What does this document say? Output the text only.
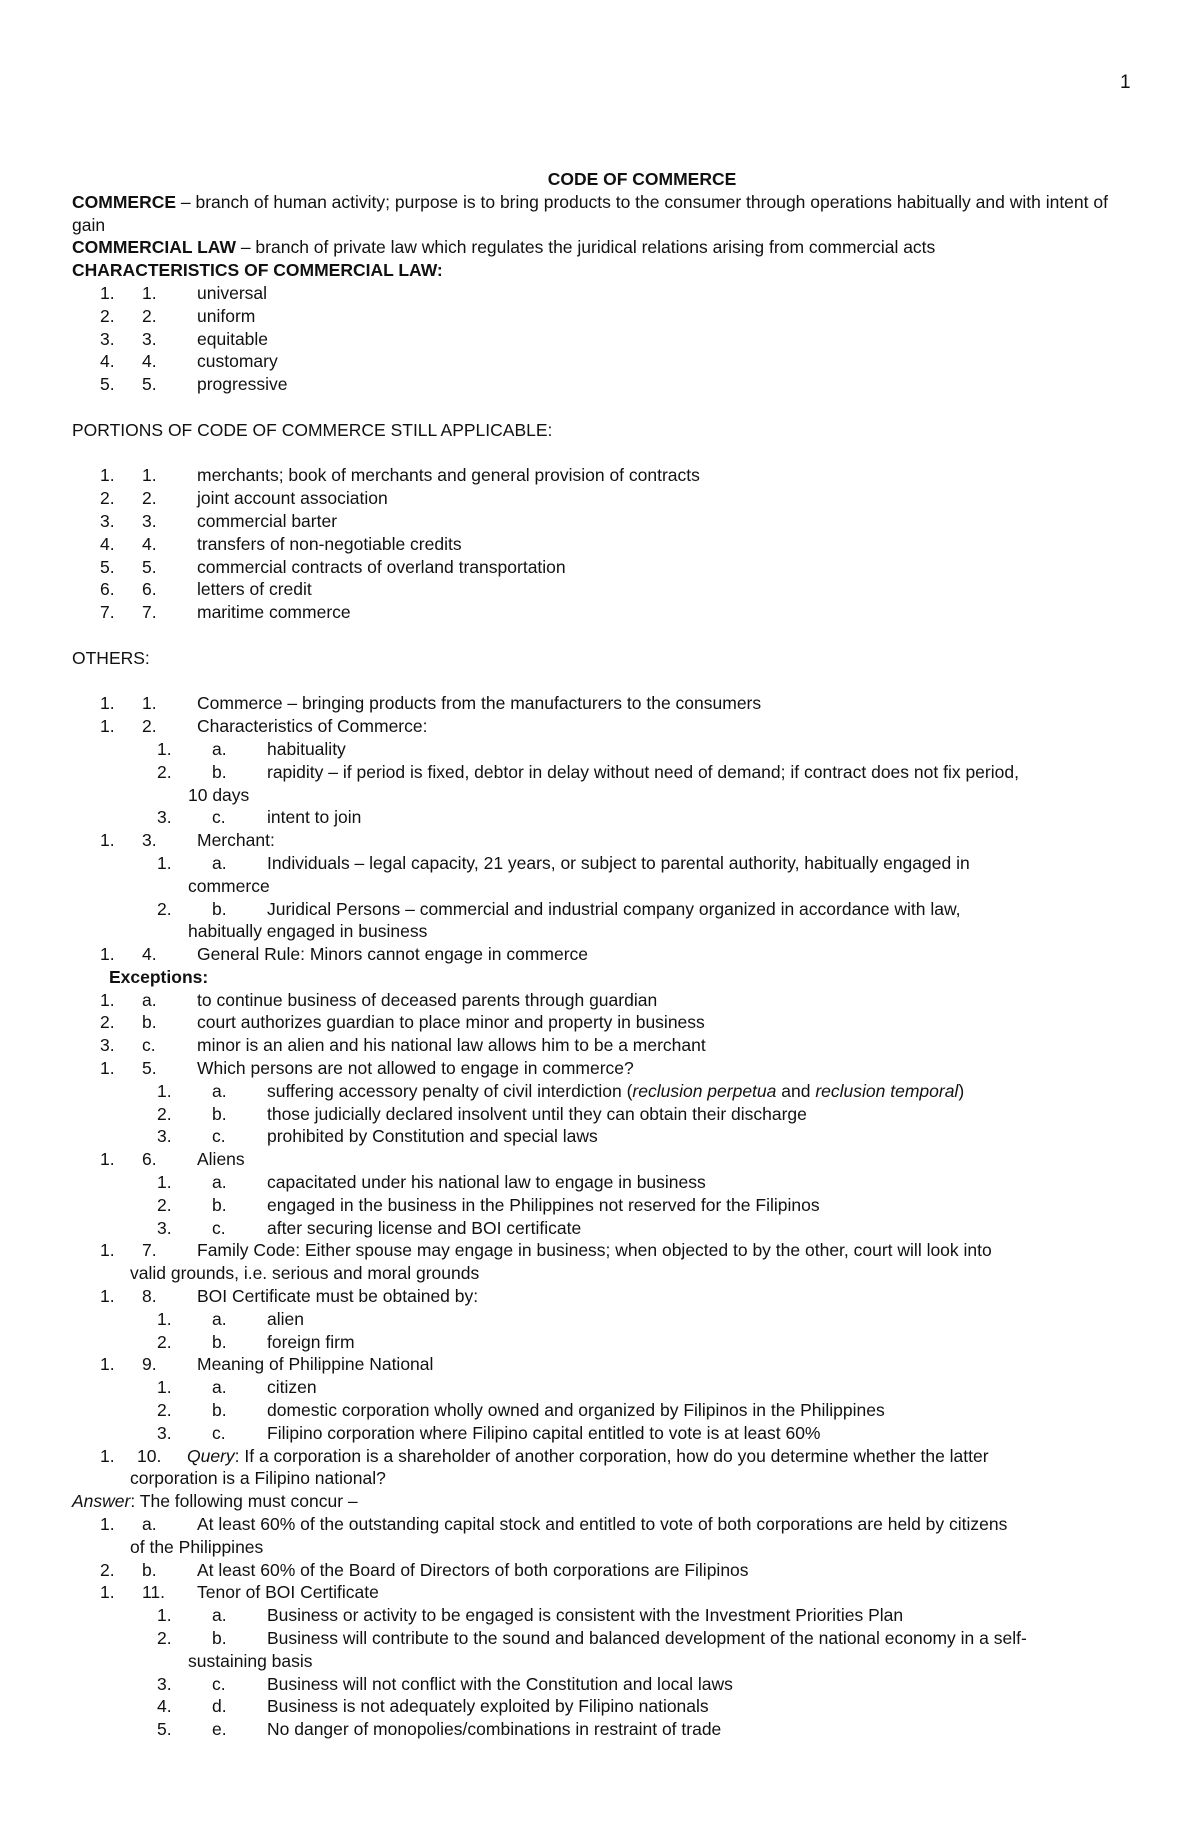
1

CODE OF COMMERCE

COMMERCE – branch of human activity; purpose is to bring products to the consumer through operations habitually and with intent of gain

COMMERCIAL LAW – branch of private law which regulates the juridical relations arising from commercial acts

CHARACTERISTICS OF COMMERCIAL LAW:

1. 1.	universal
2. 2.	uniform
3. 3.	equitable
4. 4.	customary
5. 5.	progressive

PORTIONS OF CODE OF COMMERCE STILL APPLICABLE:

1. 1.	merchants; book of merchants and general provision of contracts
2. 2.	joint account association
3. 3.	commercial barter
4. 4.	transfers of non-negotiable credits
5. 5.	commercial contracts of overland transportation
6. 6.	letters of credit
7. 7.	maritime commerce

OTHERS:

1. 1.	Commerce – bringing products from the manufacturers to the consumers
1. 2.	Characteristics of Commerce:
1. a.	habituality
2. b.	rapidity – if period is fixed, debtor in delay without need of demand; if contract does not fix period,
10 days
3. c.	intent to join
1. 3.	Merchant:
1. a.	Individuals – legal capacity, 21 years, or subject to parental authority, habitually engaged in
commerce
2. b.	Juridical Persons – commercial and industrial company organized in accordance with law,
habitually engaged in business
1. 4.	General Rule: Minors cannot engage in commerce

Exceptions:

1. a.	to continue business of deceased parents through guardian
2. b.	court authorizes guardian to place minor and property in business
3. c.	minor is an alien and his national law allows him to be a merchant
1. 5.	Which persons are not allowed to engage in commerce?
1. a.	suffering accessory penalty of civil interdiction (reclusion perpetua and reclusion temporal)
2. b.	those judicially declared insolvent until they can obtain their discharge
3. c.	prohibited by Constitution and special laws
1. 6.	Aliens
1. a.	capacitated under his national law to engage in business
2. b.	engaged in the business in the Philippines not reserved for the Filipinos
3. c.	after securing license and BOI certificate
1. 7.	Family Code: Either spouse may engage in business; when objected to by the other, court will look into
valid grounds, i.e. serious and moral grounds
1. 8.	BOI Certificate must be obtained by:
1. a.	alien
2. b.	foreign firm
1. 9.	Meaning of Philippine National
1. a.	citizen
2. b.	domestic corporation wholly owned and organized by Filipinos in the Philippines
3. c.	Filipino corporation where Filipino capital entitled to vote is at least 60%
1. 10.	Query: If a corporation is a shareholder of another corporation, how do you determine whether the latter
corporation is a Filipino national?

Answer: The following must concur –

1. a.	At least 60% of the outstanding capital stock and entitled to vote of both corporations are held by citizens
of the Philippines
2. b.	At least 60% of the Board of Directors of both corporations are Filipinos
1. 11.	Tenor of BOI Certificate
1. a.	Business or activity to be engaged is consistent with the Investment Priorities Plan
2. b.	Business will contribute to the sound and balanced development of the national economy in a self-
sustaining basis
3. c.	Business will not conflict with the Constitution and local laws
4. d.	Business is not adequately exploited by Filipino nationals
5. e.	No danger of monopolies/combinations in restraint of trade
